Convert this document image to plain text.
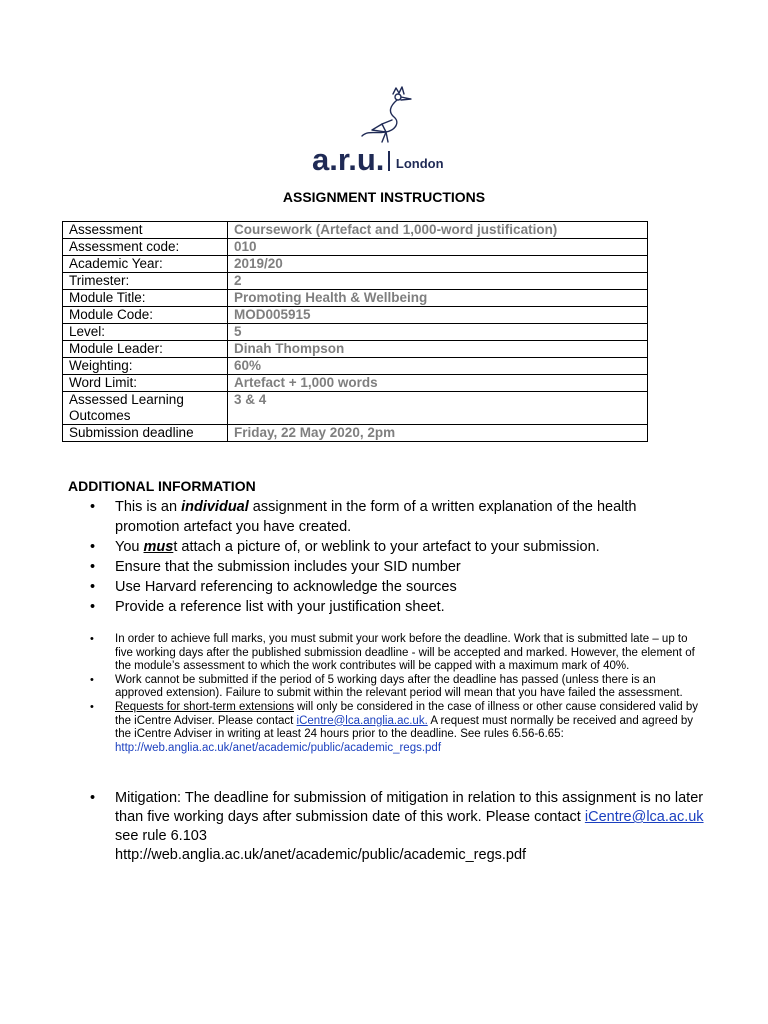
a.r.u. London
ASSIGNMENT INSTRUCTIONS
Assessment	Coursework (Artefact and 1,000-word justification)
Assessment code:	010
Academic Year:	2019/20
Trimester:	2
Module Title:	Promoting Health & Wellbeing
Module Code:	MOD005915
Level:	5
Module Leader:	Dinah Thompson
Weighting:	60%
Word Limit:	Artefact + 1,000 words
Assessed Learning Outcomes	3 & 4
Submission deadline	Friday, 22 May 2020, 2pm
ADDITIONAL INFORMATION
• This is an individual assignment in the form of a written explanation of the health promotion artefact you have created.
• You must attach a picture of, or weblink to your artefact to your submission.
• Ensure that the submission includes your SID number
• Use Harvard referencing to acknowledge the sources
• Provide a reference list with your justification sheet.
• In order to achieve full marks, you must submit your work before the deadline. Work that is submitted late – up to five working days after the published submission deadline - will be accepted and marked. However, the element of the module’s assessment to which the work contributes will be capped with a maximum mark of 40%.
• Work cannot be submitted if the period of 5 working days after the deadline has passed (unless there is an approved extension). Failure to submit within the relevant period will mean that you have failed the assessment.
• Requests for short-term extensions will only be considered in the case of illness or other cause considered valid by the iCentre Adviser. Please contact iCentre@lca.anglia.ac.uk. A request must normally be received and agreed by the iCentre Adviser in writing at least 24 hours prior to the deadline. See rules 6.56-6.65: http://web.anglia.ac.uk/anet/academic/public/academic_regs.pdf
• Mitigation: The deadline for submission of mitigation in relation to this assignment is no later than five working days after submission date of this work. Please contact iCentre@lca.ac.uk see rule 6.103
http://web.anglia.ac.uk/anet/academic/public/academic_regs.pdf
